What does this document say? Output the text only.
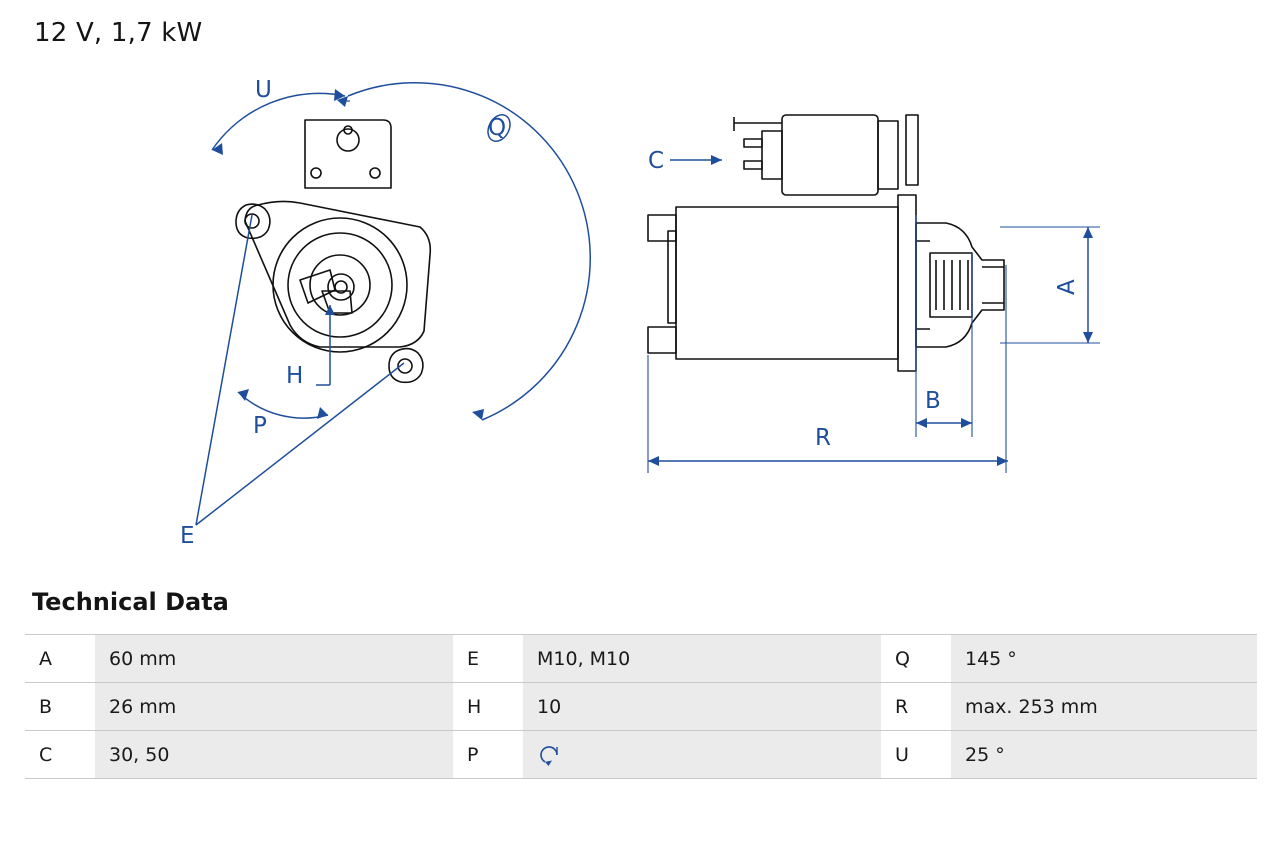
12 V, 1,7 kW
U
Q
H
P
E
C
A
B
R
Technical Data
A	60 mm	E	M10, M10	Q	145 °
B	26 mm	H	10	R	max. 253 mm
C	30, 50	P		U	25 °
